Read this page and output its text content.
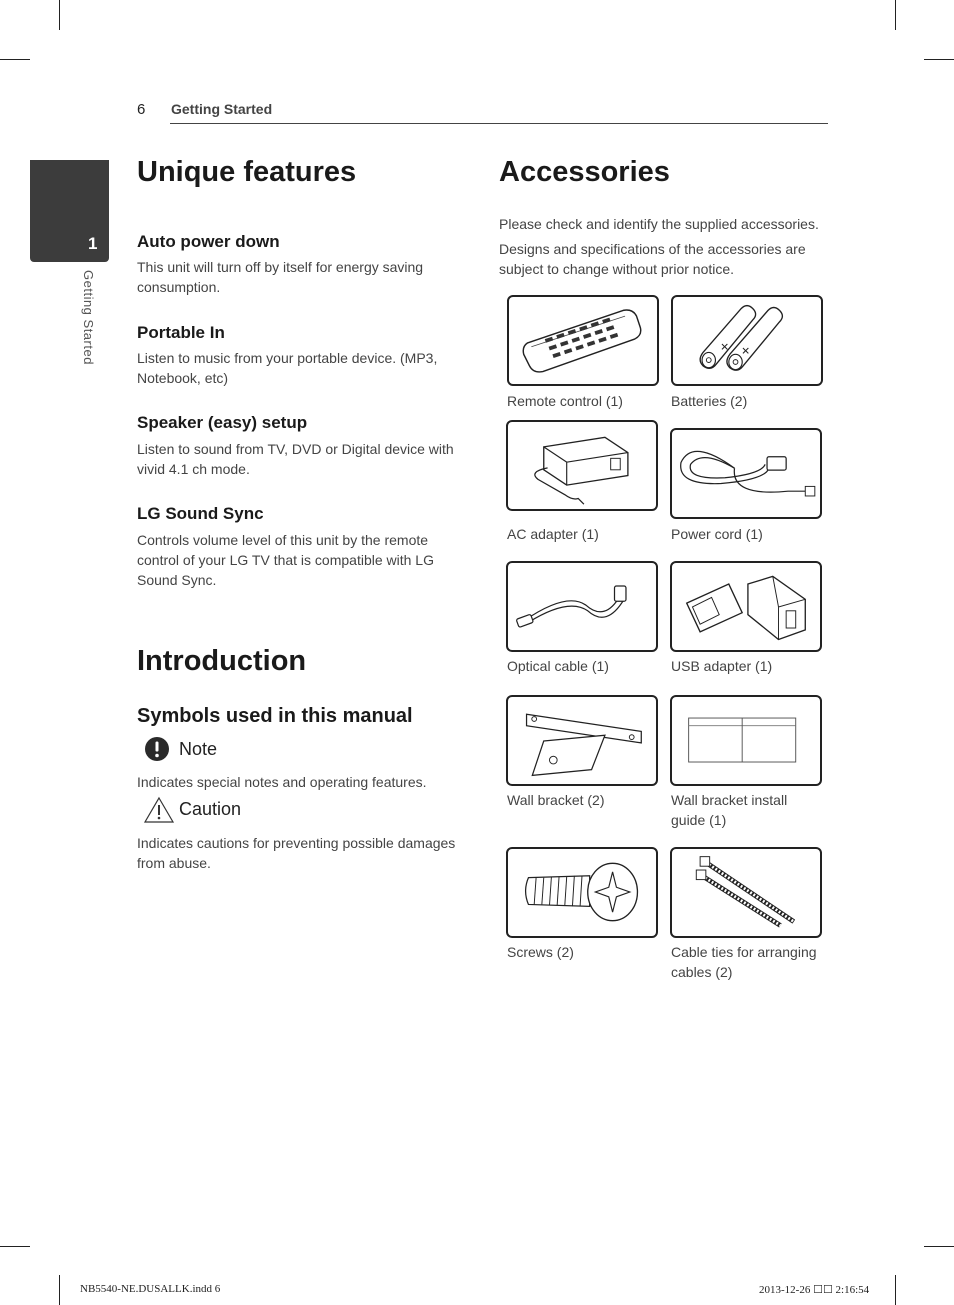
6 Getting Started
1
Getting Started
Unique features
Auto power down
This unit will turn off by itself for energy saving consumption.
Portable In
Listen to music from your portable device. (MP3, Notebook, etc)
Speaker (easy) setup
Listen to sound from TV, DVD or Digital device with vivid 4.1 ch mode.
LG Sound Sync
Controls volume level of this unit by the remote control of your LG TV that is compatible with LG Sound Sync.
Introduction
Symbols used in this manual
Note
Indicates special notes and operating features.
Caution
Indicates cautions for preventing possible damages from abuse.
Accessories
Please check and identify the supplied accessories.
Designs and specifications of the accessories are subject to change without prior notice.
✕ ✕
Remote control (1)	Batteries (2)
AC adapter (1)	Power cord (1)
Optical cable (1)	USB adapter (1)
Wall bracket (2)	Wall bracket install guide (1)
Screws (2)	Cable ties for arranging cables (2)
NB5540-NE.DUSALLK.indd 6	2013-12-26 ☐☐ 2:16:54
